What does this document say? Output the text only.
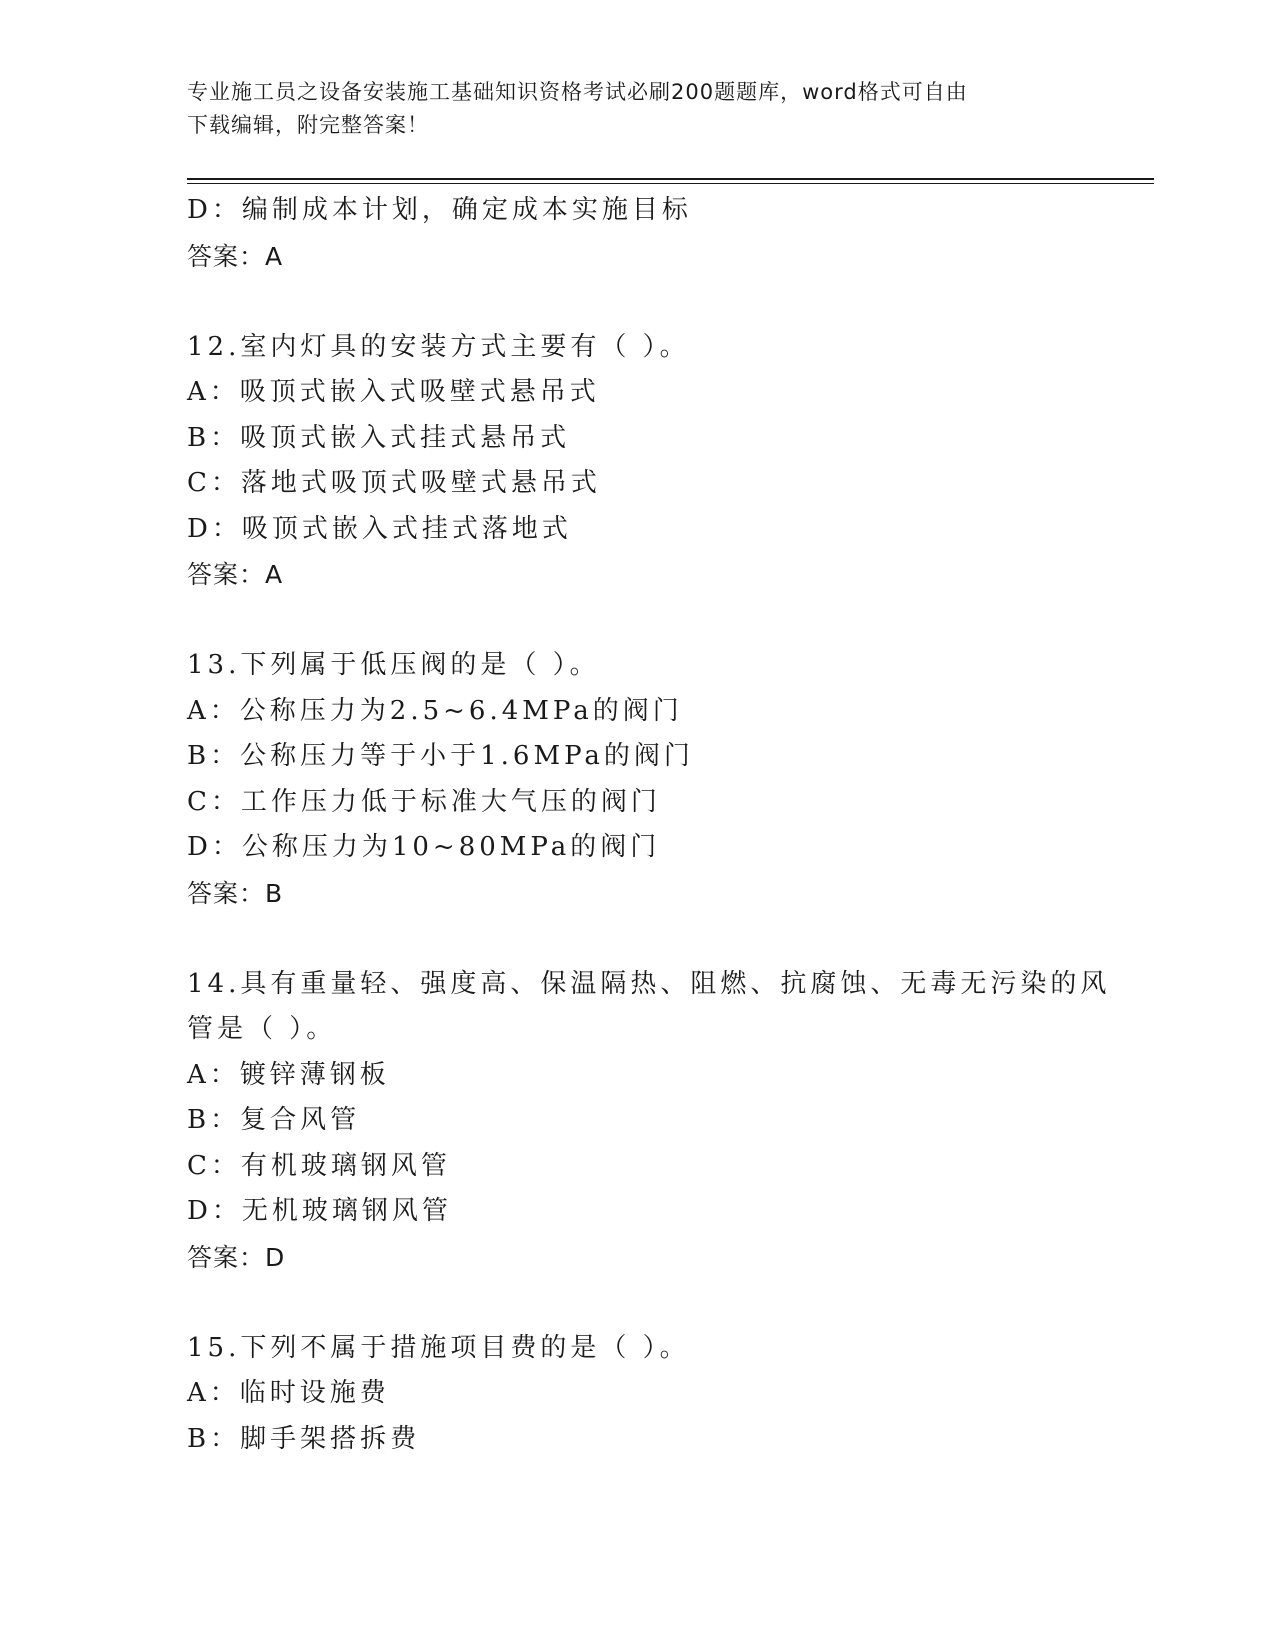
专业施工员之设备安装施工基础知识资格考试必刷200题题库，word格式可自由
下载编辑，附完整答案！
D：编制成本计划，确定成本实施目标
答案：A
12.室内灯具的安装方式主要有（ ）。
A：吸顶式嵌入式吸壁式悬吊式
B：吸顶式嵌入式挂式悬吊式
C：落地式吸顶式吸壁式悬吊式
D：吸顶式嵌入式挂式落地式
答案：A
13.下列属于低压阀的是（ ）。
A：公称压力为2.5~6.4MPa的阀门
B：公称压力等于小于1.6MPa的阀门
C：工作压力低于标准大气压的阀门
D：公称压力为10~80MPa的阀门
答案：B
14.具有重量轻、强度高、保温隔热、阻燃、抗腐蚀、无毒无污染的风
管是（ ）。
A：镀锌薄钢板
B：复合风管
C：有机玻璃钢风管
D：无机玻璃钢风管
答案：D
15.下列不属于措施项目费的是（ ）。
A：临时设施费
B：脚手架搭拆费
